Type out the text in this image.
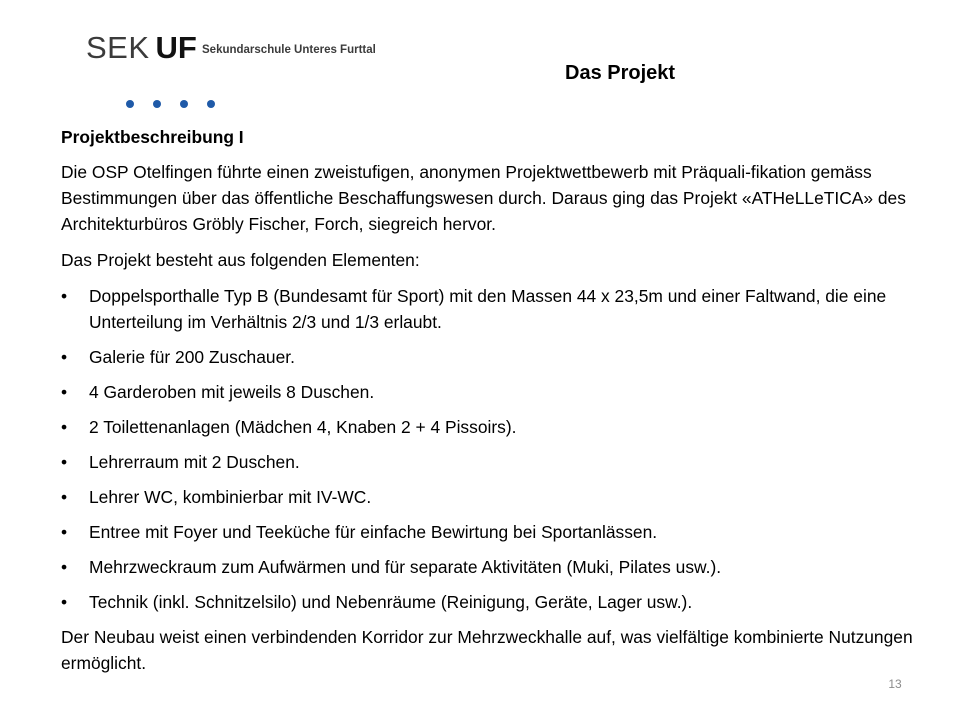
SEK UF Sekundarschule Unteres Furttal
Das Projekt
Projektbeschreibung I
Die OSP Otelfingen führte einen zweistufigen, anonymen Projektwettbewerb mit Präquali-fikation gemäss Bestimmungen über das öffentliche Beschaffungswesen durch. Daraus ging das Projekt «ATHeLLeTICA» des Architekturbüros Gröbly Fischer, Forch, siegreich hervor.
Das Projekt besteht aus folgenden Elementen:
• Doppelsporthalle Typ B (Bundesamt für Sport) mit den Massen 44 x 23,5m und einer Faltwand, die eine Unterteilung im Verhältnis 2/3 und 1/3 erlaubt.
• Galerie für 200 Zuschauer.
• 4 Garderoben mit jeweils 8 Duschen.
• 2 Toilettenanlagen (Mädchen 4, Knaben 2 + 4 Pissoirs).
• Lehrerraum mit 2 Duschen.
• Lehrer WC, kombinierbar mit IV-WC.
• Entree mit Foyer und Teeküche für einfache Bewirtung bei Sportanlässen.
• Mehrzweckraum zum Aufwärmen und für separate Aktivitäten (Muki, Pilates usw.).
• Technik (inkl. Schnitzelsilo) und Nebenräume (Reinigung, Geräte, Lager usw.).
Der Neubau weist einen verbindenden Korridor zur Mehrzweckhalle auf, was vielfältige kombinierte Nutzungen ermöglicht.
13
